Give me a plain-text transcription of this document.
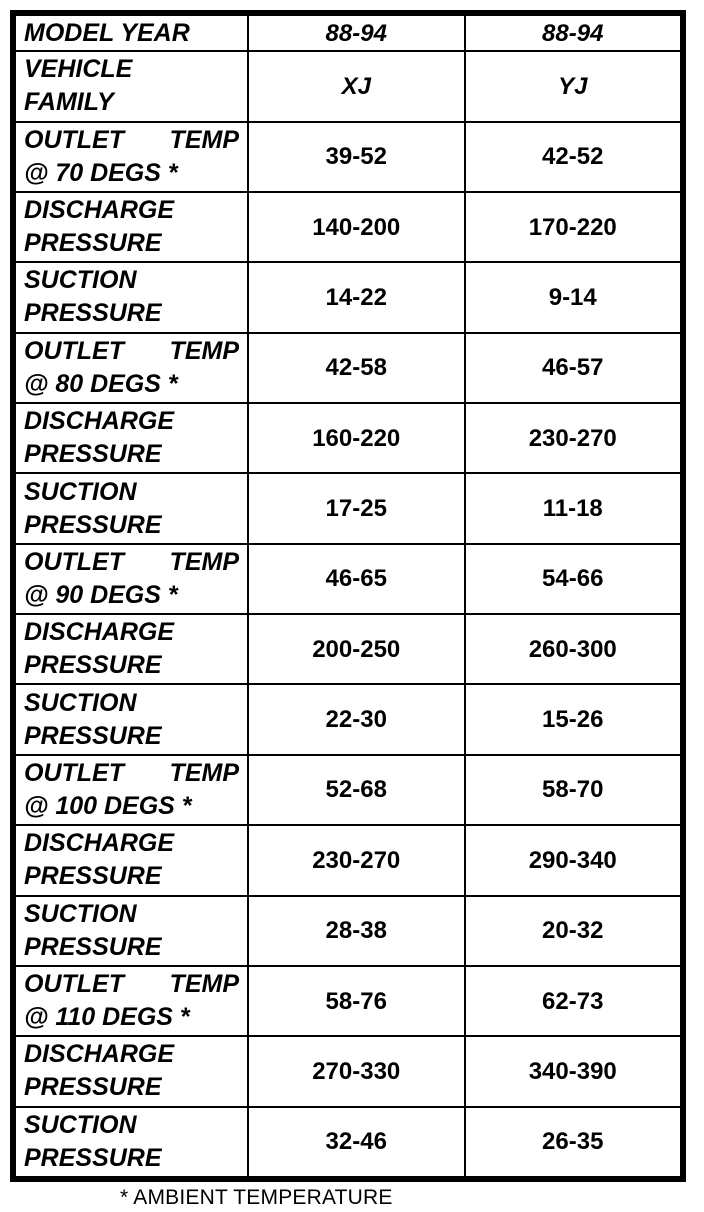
MODEL YEAR	88-94	88-94

VEHICLE
FAMILY	XJ	YJ

OUTLET TEMP
@ 70 DEGS *	39-52	42-52

DISCHARGE
PRESSURE	140-200	170-220

SUCTION
PRESSURE	14-22	9-14

OUTLET TEMP
@ 80 DEGS *	42-58	46-57

DISCHARGE
PRESSURE	160-220	230-270

SUCTION
PRESSURE	17-25	11-18

OUTLET TEMP
@ 90 DEGS *	46-65	54-66

DISCHARGE
PRESSURE	200-250	260-300

SUCTION
PRESSURE	22-30	15-26

OUTLET TEMP
@ 100 DEGS *	52-68	58-70

DISCHARGE
PRESSURE	230-270	290-340

SUCTION
PRESSURE	28-38	20-32

OUTLET TEMP
@ 110 DEGS *	58-76	62-73

DISCHARGE
PRESSURE	270-330	340-390

SUCTION
PRESSURE	32-46	26-35
* AMBIENT TEMPERATURE
